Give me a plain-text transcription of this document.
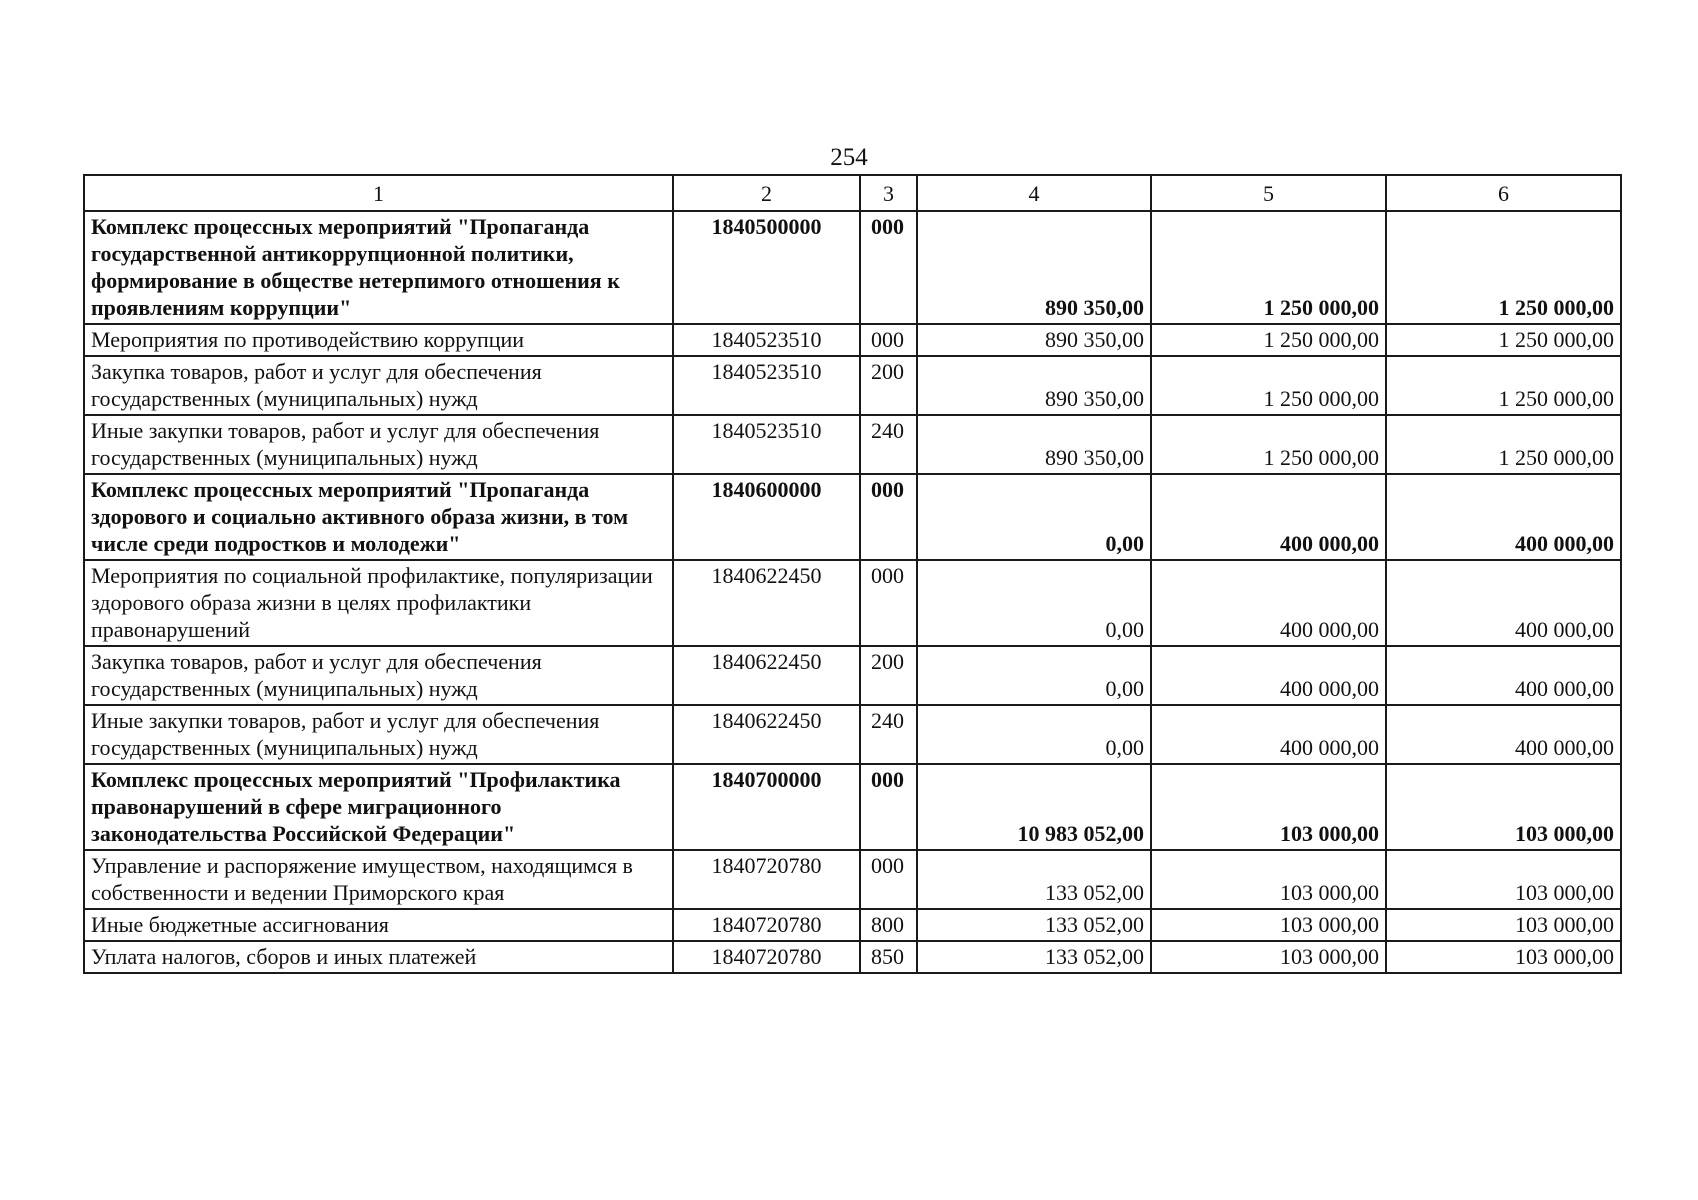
254
1	2	3	4	5	6
Комплекс процессных мероприятий "Пропаганда государственной антикоррупционной политики, формирование в обществе нетерпимого отношения к проявлениям коррупции"	1840500000	000	890 350,00	1 250 000,00	1 250 000,00
Мероприятия по противодействию коррупции	1840523510	000	890 350,00	1 250 000,00	1 250 000,00
Закупка товаров, работ и услуг для обеспечения государственных (муниципальных) нужд	1840523510	200	890 350,00	1 250 000,00	1 250 000,00
Иные закупки товаров, работ и услуг для обеспечения государственных (муниципальных) нужд	1840523510	240	890 350,00	1 250 000,00	1 250 000,00
Комплекс процессных мероприятий "Пропаганда здорового и социально активного образа жизни, в том числе среди подростков и молодежи"	1840600000	000	0,00	400 000,00	400 000,00
Мероприятия по социальной профилактике, популяризации здорового образа жизни в целях профилактики правонарушений	1840622450	000	0,00	400 000,00	400 000,00
Закупка товаров, работ и услуг для обеспечения государственных (муниципальных) нужд	1840622450	200	0,00	400 000,00	400 000,00
Иные закупки товаров, работ и услуг для обеспечения государственных (муниципальных) нужд	1840622450	240	0,00	400 000,00	400 000,00
Комплекс процессных мероприятий "Профилактика правонарушений в сфере миграционного законодательства Российской Федерации"	1840700000	000	10 983 052,00	103 000,00	103 000,00
Управление и распоряжение имуществом, находящимся в собственности и ведении Приморского края	1840720780	000	133 052,00	103 000,00	103 000,00
Иные бюджетные ассигнования	1840720780	800	133 052,00	103 000,00	103 000,00
Уплата налогов, сборов и иных платежей	1840720780	850	133 052,00	103 000,00	103 000,00
